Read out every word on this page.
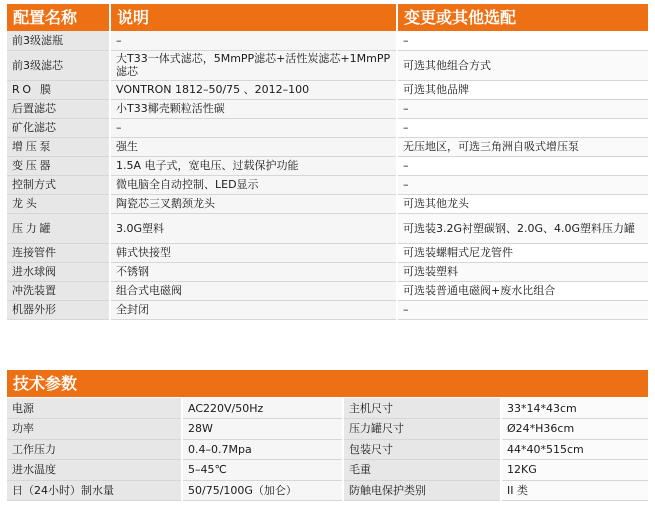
配置名称	说明	变更或其他选配
前3级滤瓶	–	–
前3级滤芯	大T33一体式滤芯，5MmPP滤芯+活性炭滤芯+1MmPP滤芯	可选其他组合方式
RO 膜	VONTRON 1812–50/75 、2012–100	可选其他品牌
后置滤芯	小T33椰壳颗粒活性碳	–
矿化滤芯	–	–
增压泵	强生	无压地区，可选三角洲自吸式增压泵
变压器	1.5A 电子式，宽电压、过载保护功能	–
控制方式	微电脑全自动控制、LED显示	–
龙头	陶瓷芯三叉鹅颈龙头	可选其他龙头
压力罐	3.0G塑料	可选装3.2G衬塑碳钢、2.0G、4.0G塑料压力罐
连接管件	韩式快接型	可选装螺帽式尼龙管件
进水球阀	不锈钢	可选装塑料
冲洗装置	组合式电磁阀	可选装普通电磁阀+废水比组合
机器外形	全封闭	–
技术参数
电源	AC220V/50Hz	主机尺寸	33*14*43cm
功率	28W	压力罐尺寸	Ø24*H36cm
工作压力	0.4–0.7Mpa	包装尺寸	44*40*515cm
进水温度	5–45℃	毛重	12KG
日（24小时）制水量	50/75/100G（加仑）	防触电保护类别	II 类
